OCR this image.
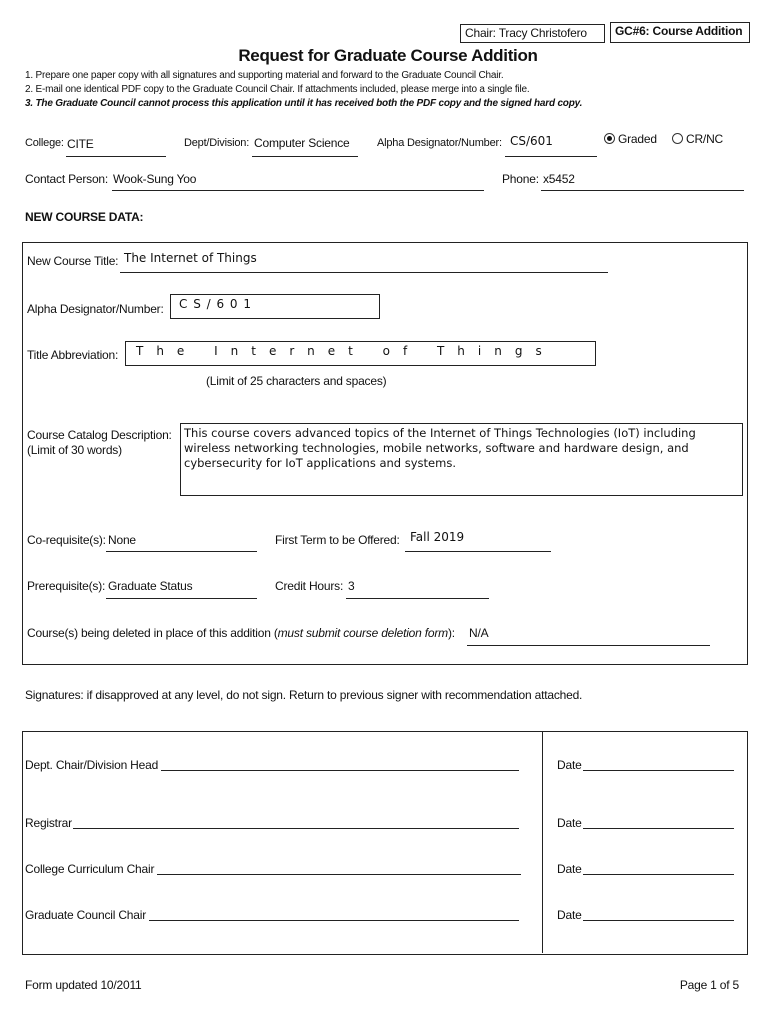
Chair: Tracy Christofero	GC#6: Course Addition
Request for Graduate Course Addition
1. Prepare one paper copy with all signatures and supporting material and forward to the Graduate Council Chair.
2. E-mail one identical PDF copy to the Graduate Council Chair. If attachments included, please merge into a single file.
3. The Graduate Council cannot process this application until it has received both the PDF copy and the signed hard copy.
College: CITE	Dept/Division: Computer Science Alpha Designator/Number: CS/601	Graded	CR/NC
Contact Person: Wook-Sung Yoo	Phone: x5452
NEW COURSE DATA:
New Course Title: The Internet of Things
Alpha Designator/Number:	C S / 6 0 1
Title Abbreviation:	The Internet of Things
(Limit of 25 characters and spaces)
Course Catalog Description:
(Limit of 30 words)
This course covers advanced topics of the Internet of Things Technologies (IoT) including wireless networking technologies, mobile networks, software and hardware design, and cybersecurity for IoT applications and systems.
Co-requisite(s): None	First Term to be Offered: Fall 2019
Prerequisite(s): Graduate Status	Credit Hours: 3
Course(s) being deleted in place of this addition (must submit course deletion form): N/A
Signatures: if disapproved at any level, do not sign. Return to previous signer with recommendation attached.
Dept. Chair/Division Head	Date
Registrar	Date
College Curriculum Chair	Date
Graduate Council Chair	Date
Form updated 10/2011	Page 1 of 5
